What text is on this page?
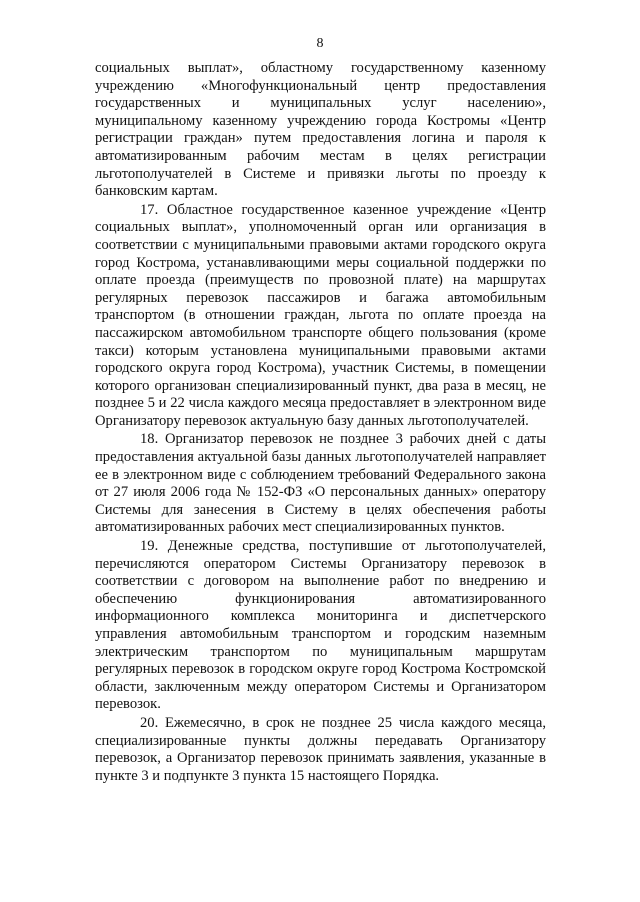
8

социальных выплат», областному государственному казенному учреждению «Многофункциональный центр предоставления государственных и муниципальных услуг населению», муниципальному казенному учреждению города Костромы «Центр регистрации граждан» путем предоставления логина и пароля к автоматизированным рабочим местам в целях регистрации льготополучателей в Системе и привязки льготы по проезду к банковским картам.

17. Областное государственное казенное учреждение «Центр социальных выплат», уполномоченный орган или организация в соответствии с муниципальными правовыми актами городского округа город Кострома, устанавливающими меры социальной поддержки по оплате проезда (преимуществ по провозной плате) на маршрутах регулярных перевозок пассажиров и багажа автомобильным транспортом (в отношении граждан, льгота по оплате проезда на пассажирском автомобильном транспорте общего пользования (кроме такси) которым установлена муниципальными правовыми актами городского округа город Кострома), участник Системы, в помещении которого организован специализированный пункт, два раза в месяц, не позднее 5 и 22 числа каждого месяца предоставляет в электронном виде Организатору перевозок актуальную базу данных льготополучателей.

18. Организатор перевозок не позднее 3 рабочих дней с даты предоставления актуальной базы данных льготополучателей направляет ее в электронном виде с соблюдением требований Федерального закона от 27 июля 2006 года № 152-ФЗ «О персональных данных» оператору Системы для занесения в Систему в целях обеспечения работы автоматизированных рабочих мест специализированных пунктов.

19. Денежные средства, поступившие от льготополучателей, перечисляются оператором Системы Организатору перевозок в соответствии с договором на выполнение работ по внедрению и обеспечению функционирования автоматизированного информационного комплекса мониторинга и диспетчерского управления автомобильным транспортом и городским наземным электрическим транспортом по муниципальным маршрутам регулярных перевозок в городском округе город Кострома Костромской области, заключенным между оператором Системы и Организатором перевозок.

20. Ежемесячно, в срок не позднее 25 числа каждого месяца, специализированные пункты должны передавать Организатору перевозок, а Организатор перевозок принимать заявления, указанные в пункте 3 и подпункте 3 пункта 15 настоящего Порядка.
